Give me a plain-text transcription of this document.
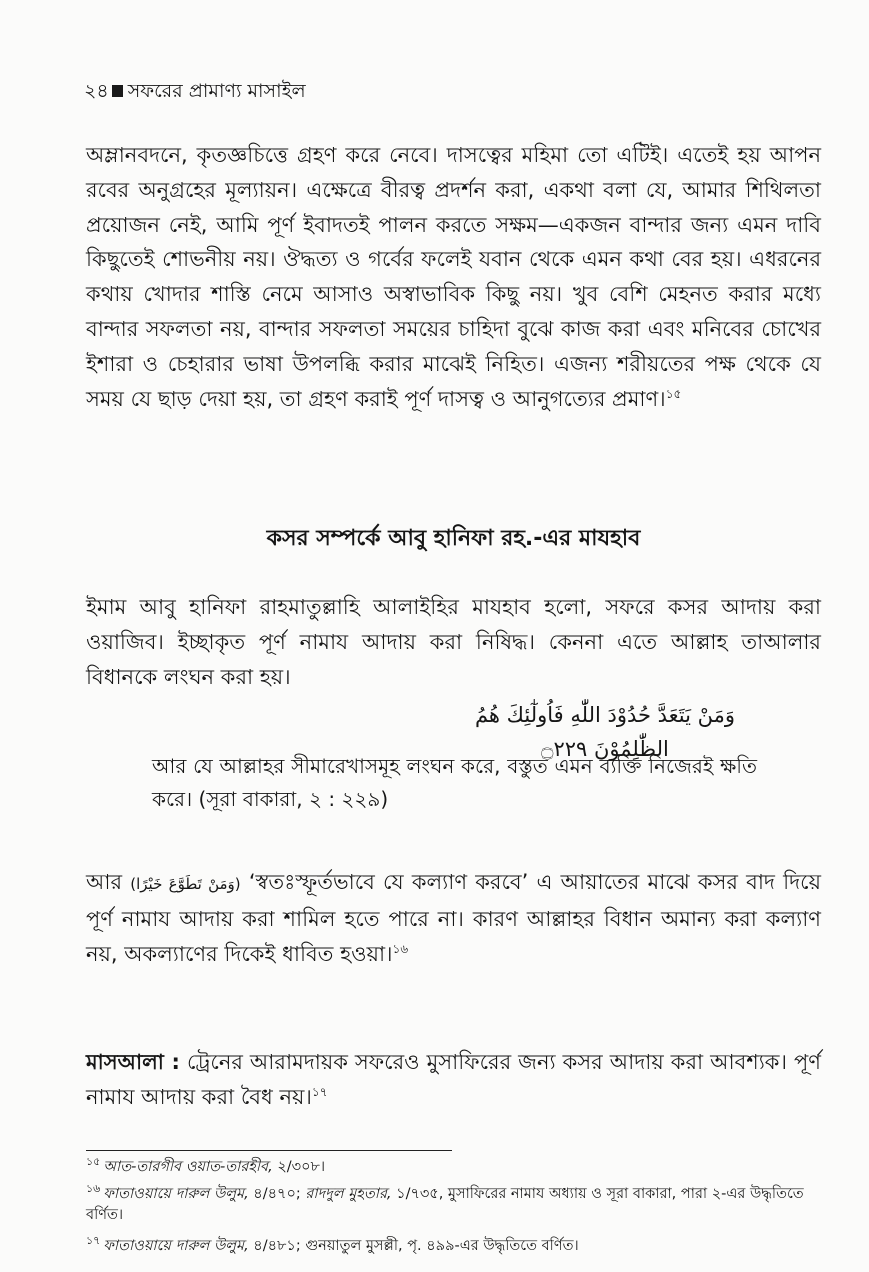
২৪ সফরের প্রামাণ্য মাসাইল

অম্লানবদনে, কৃতজ্ঞচিত্তে গ্রহণ করে নেবে। দাসত্বের মহিমা তো এটিই। এতেই হয় আপন রবের অনুগ্রহের মূল্যায়ন। এক্ষেত্রে বীরত্ব প্রদর্শন করা, একথা বলা যে, আমার শিথিলতা প্রয়োজন নেই, আমি পূর্ণ ইবাদতই পালন করতে সক্ষম—একজন বান্দার জন্য এমন দাবি কিছুতেই শোভনীয় নয়। ঔদ্ধত্য ও গর্বের ফলেই যবান থেকে এমন কথা বের হয়। এধরনের কথায় খোদার শাস্তি নেমে আসাও অস্বাভাবিক কিছু নয়। খুব বেশি মেহনত করার মধ্যে বান্দার সফলতা নয়, বান্দার সফলতা সময়ের চাহিদা বুঝে কাজ করা এবং মনিবের চোখের ইশারা ও চেহারার ভাষা উপলব্ধি করার মাঝেই নিহিত। এজন্য শরীয়তের পক্ষ থেকে যে সময় যে ছাড় দেয়া হয়, তা গ্রহণ করাই পূর্ণ দাসত্ব ও আনুগত্যের প্রমাণ।$^{১৫}$

কসর সম্পর্কে আবু হানিফা রহ.-এর মাযহাব

ইমাম আবু হানিফা রাহমাতুল্লাহি আলাইহির মাযহাব হলো, সফরে কসর আদায় করা ওয়াজিব। ইচ্ছাকৃত পূর্ণ নামায আদায় করা নিষিদ্ধ। কেননা এতে আল্লাহ তাআলার বিধানকে লংঘন করা হয়।

وَمَنْ يَتَعَدَّ حُدُوْدَ اللّٰهِ فَاُولٰٓئِكَ هُمُ الظّٰلِمُوْنَ ۝٢٢٩

আর যে আল্লাহর সীমারেখাসমূহ লংঘন করে, বস্তুত এমন ব্যক্তি নিজেরই ক্ষতি করে। (সূরা বাকারা, ২ : ২২৯)

আর (وَمَنْ تَطَوَّعَ خَيْرًا) ‘স্বতঃস্ফূর্তভাবে যে কল্যাণ করবে’ এ আয়াতের মাঝে কসর বাদ দিয়ে পূর্ণ নামায আদায় করা শামিল হতে পারে না। কারণ আল্লাহর বিধান অমান্য করা কল্যাণ নয়, অকল্যাণের দিকেই ধাবিত হওয়া।$^{১৬}$

মাসআলা : ট্রেনের আরামদায়ক সফরেও মুসাফিরের জন্য কসর আদায় করা আবশ্যক। পূর্ণ নামায আদায় করা বৈধ নয়।$^{১৭}$

$^{১৫}$ আত-তারগীব ওয়াত-তারহীব, ২/৩০৮।
$^{১৬}$ ফাতাওয়ায়ে দারুল উলুম, ৪/৪৭০; রাদদুল মুহতার, ১/৭৩৫, মুসাফিরের নামায অধ্যায় ও সূরা বাকারা, পারা ২-এর উদ্ধৃতিতে বর্ণিত।
$^{১৭}$ ফাতাওয়ায়ে দারুল উলুম, ৪/৪৮১; গুনয়াতুল মুসল্লী, পৃ. ৪৯৯-এর উদ্ধৃতিতে বর্ণিত।
